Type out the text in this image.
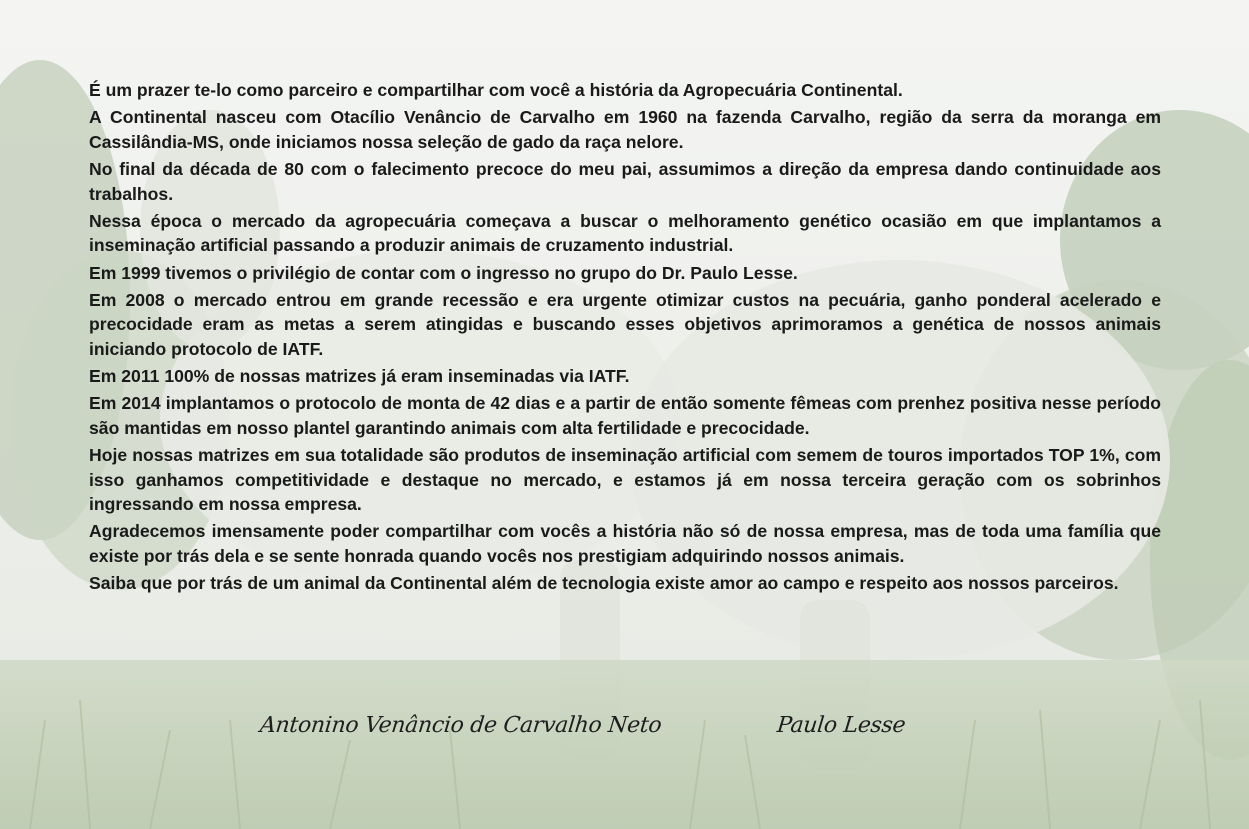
É um prazer te-lo como parceiro e compartilhar com você a história da Agropecuária Continental.

A Continental nasceu com Otacílio Venâncio de Carvalho em 1960 na fazenda Carvalho, região da serra da moranga em Cassilândia-MS, onde iniciamos nossa seleção de gado da raça nelore.

No final da década de 80 com o falecimento precoce do meu pai, assumimos a direção da empresa dando continuidade aos trabalhos.

Nessa época o mercado da agropecuária começava a buscar o melhoramento genético ocasião em que implantamos a inseminação artificial passando a produzir animais de cruzamento industrial.

Em 1999 tivemos o privilégio de contar com o ingresso no grupo do Dr. Paulo Lesse.

Em 2008 o mercado entrou em grande recessão e era urgente otimizar custos na pecuária, ganho ponderal acelerado e precocidade eram as metas a serem atingidas e buscando esses objetivos aprimoramos a genética de nossos animais iniciando protocolo de IATF.

Em 2011 100% de nossas matrizes já eram inseminadas via IATF.

Em 2014 implantamos o protocolo de monta de 42 dias e a partir de então somente fêmeas com prenhez positiva nesse período são mantidas em nosso plantel garantindo animais com alta fertilidade e precocidade.

Hoje nossas matrizes em sua totalidade são produtos de inseminação artificial com semem de touros importados TOP 1%, com isso ganhamos competitividade e destaque no mercado, e estamos já em nossa terceira geração com os sobrinhos ingressando em nossa empresa.

Agradecemos imensamente poder compartilhar com vocês a história não só de nossa empresa, mas de toda uma família que existe por trás dela e se sente honrada quando vocês nos prestigiam adquirindo nossos animais.

Saiba que por trás de um animal da Continental além de tecnologia existe amor ao campo e respeito aos nossos parceiros.

Antonino Venâncio de Carvalho Neto	Paulo Lesse
